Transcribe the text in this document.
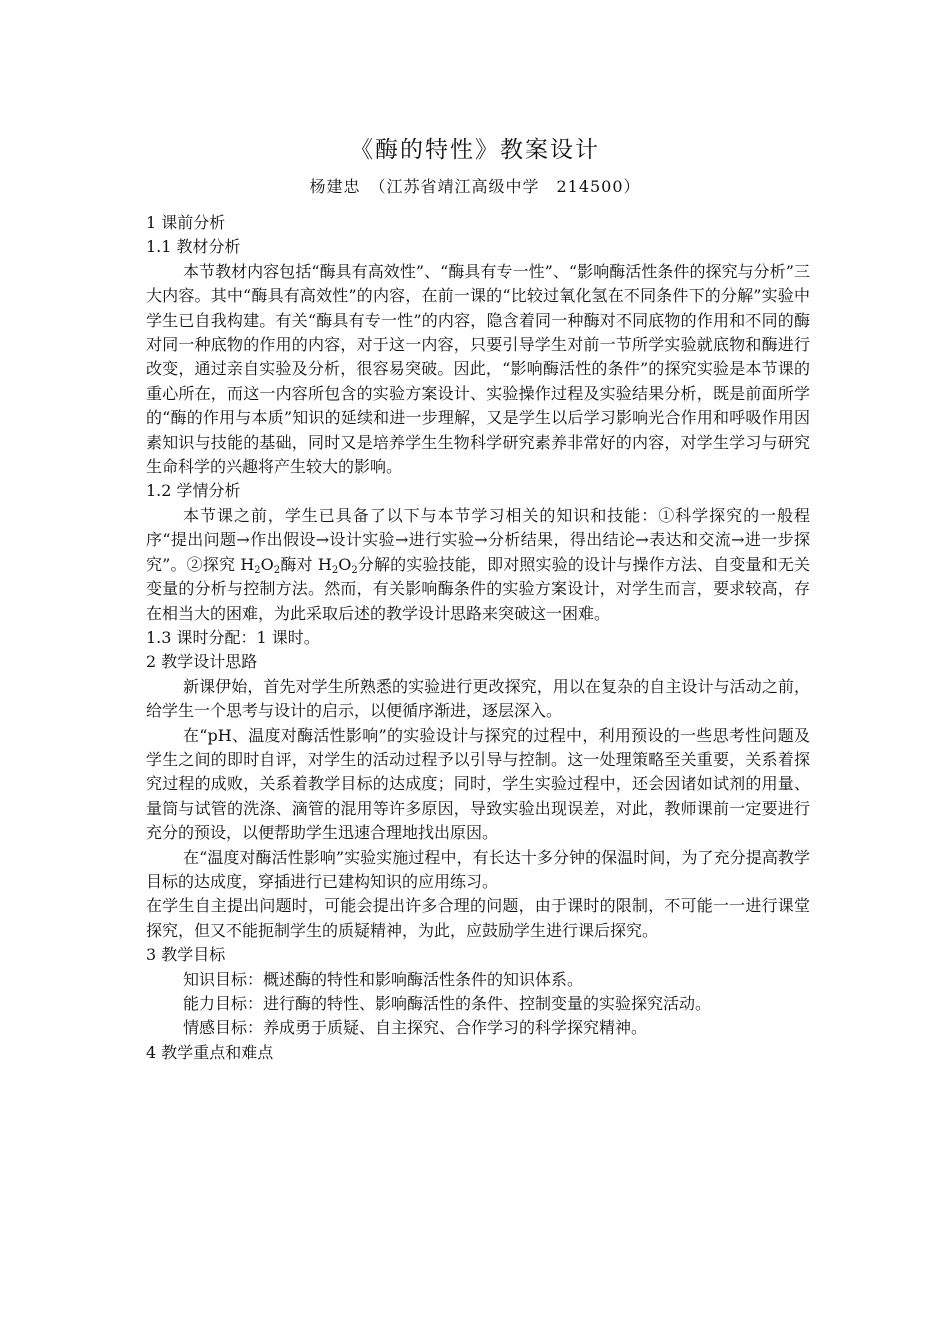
《酶的特性》教案设计
杨建忠　（江苏省靖江高级中学　214500）

1 课前分析

1.1 教材分析

本节教材内容包括“酶具有高效性”、“酶具有专一性”、“影响酶活性条件的探究与分析”三大内容。其中“酶具有高效性”的内容，在前一课的“比较过氧化氢在不同条件下的分解”实验中学生已自我构建。有关“酶具有专一性”的内容，隐含着同一种酶对不同底物的作用和不同的酶对同一种底物的作用的内容，对于这一内容，只要引导学生对前一节所学实验就底物和酶进行改变，通过亲自实验及分析，很容易突破。因此，“影响酶活性的条件”的探究实验是本节课的重心所在，而这一内容所包含的实验方案设计、实验操作过程及实验结果分析，既是前面所学的“酶的作用与本质”知识的延续和进一步理解，又是学生以后学习影响光合作用和呼吸作用因素知识与技能的基础，同时又是培养学生生物科学研究素养非常好的内容，对学生学习与研究生命科学的兴趣将产生较大的影响。

1.2 学情分析

本节课之前，学生已具备了以下与本节学习相关的知识和技能：①科学探究的一般程序“提出问题→作出假设→设计实验→进行实验→分析结果，得出结论→表达和交流→进一步探究”。②探究 $H_2O_2$酶对 $H_2O_2$分解的实验技能，即对照实验的设计与操作方法、自变量和无关变量的分析与控制方法。然而，有关影响酶条件的实验方案设计，对学生而言，要求较高，存在相当大的困难，为此采取后述的教学设计思路来突破这一困难。

1.3 课时分配：1 课时。

2 教学设计思路

新课伊始，首先对学生所熟悉的实验进行更改探究，用以在复杂的自主设计与活动之前，给学生一个思考与设计的启示，以便循序渐进，逐层深入。

在“pH、温度对酶活性影响”的实验设计与探究的过程中，利用预设的一些思考性问题及学生之间的即时自评，对学生的活动过程予以引导与控制。这一处理策略至关重要，关系着探究过程的成败，关系着教学目标的达成度；同时，学生实验过程中，还会因诸如试剂的用量、量筒与试管的洗涤、滴管的混用等许多原因，导致实验出现误差，对此，教师课前一定要进行充分的预设，以便帮助学生迅速合理地找出原因。

在“温度对酶活性影响”实验实施过程中，有长达十多分钟的保温时间，为了充分提高教学目标的达成度，穿插进行已建构知识的应用练习。

在学生自主提出问题时，可能会提出许多合理的问题，由于课时的限制，不可能一一进行课堂探究，但又不能扼制学生的质疑精神，为此，应鼓励学生进行课后探究。

3 教学目标

知识目标：概述酶的特性和影响酶活性条件的知识体系。

能力目标：进行酶的特性、影响酶活性的条件、控制变量的实验探究活动。

情感目标：养成勇于质疑、自主探究、合作学习的科学探究精神。

4 教学重点和难点
